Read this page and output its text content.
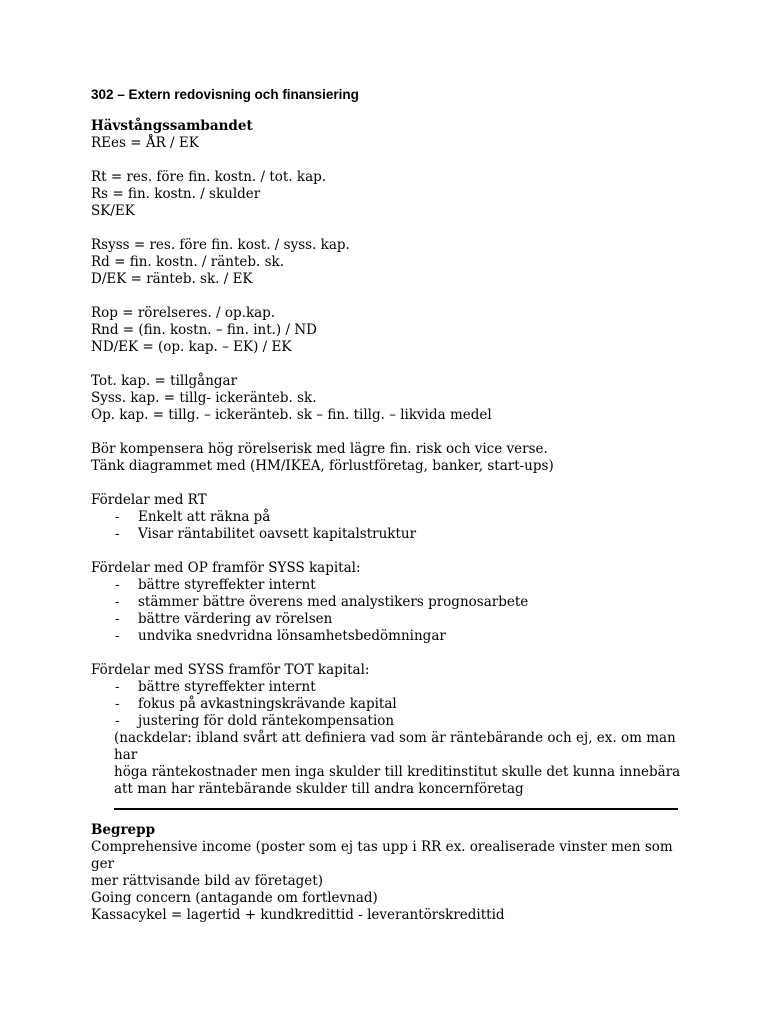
302 – Extern redovisning och finansiering

Hävstångssambandet

REes = ÅR / EK

Rt = res. före fin. kostn. / tot. kap.

Rs = fin. kostn. / skulder

SK/EK

Rsyss = res. före fin. kost. / syss. kap.

Rd = fin. kostn. / ränteb. sk.

D/EK = ränteb. sk. / EK

Rop = rörelseres. / op.kap.

Rnd = (fin. kostn. – fin. int.) / ND

ND/EK = (op. kap. – EK) / EK

Tot. kap. = tillgångar

Syss. kap. = tillg- ickeränteb. sk.

Op. kap. = tillg. – ickeränteb. sk – fin. tillg. – likvida medel

Bör kompensera hög rörelserisk med lägre fin. risk och vice verse.

Tänk diagrammet med (HM/IKEA, förlustföretag, banker, start-ups)

Fördelar med RT

- Enkelt att räkna på
- Visar räntabilitet oavsett kapitalstruktur

Fördelar med OP framför SYSS kapital:

- bättre styreffekter internt
- stämmer bättre överens med analystikers prognosarbete
- bättre värdering av rörelsen
- undvika snedvridna lönsamhetsbedömningar

Fördelar med SYSS framför TOT kapital:

- bättre styreffekter internt
- fokus på avkastningskrävande kapital
- justering för dold räntekompensation

(nackdelar: ibland svårt att definiera vad som är räntebärande och ej, ex. om man har

höga räntekostnader men inga skulder till kreditinstitut skulle det kunna innebära

att man har räntebärande skulder till andra koncernföretag

Begrepp

Comprehensive income (poster som ej tas upp i RR ex. orealiserade vinster men som ger

mer rättvisande bild av företaget)

Going concern (antagande om fortlevnad)

Kassacykel = lagertid + kundkredittid - leverantörskredittid
